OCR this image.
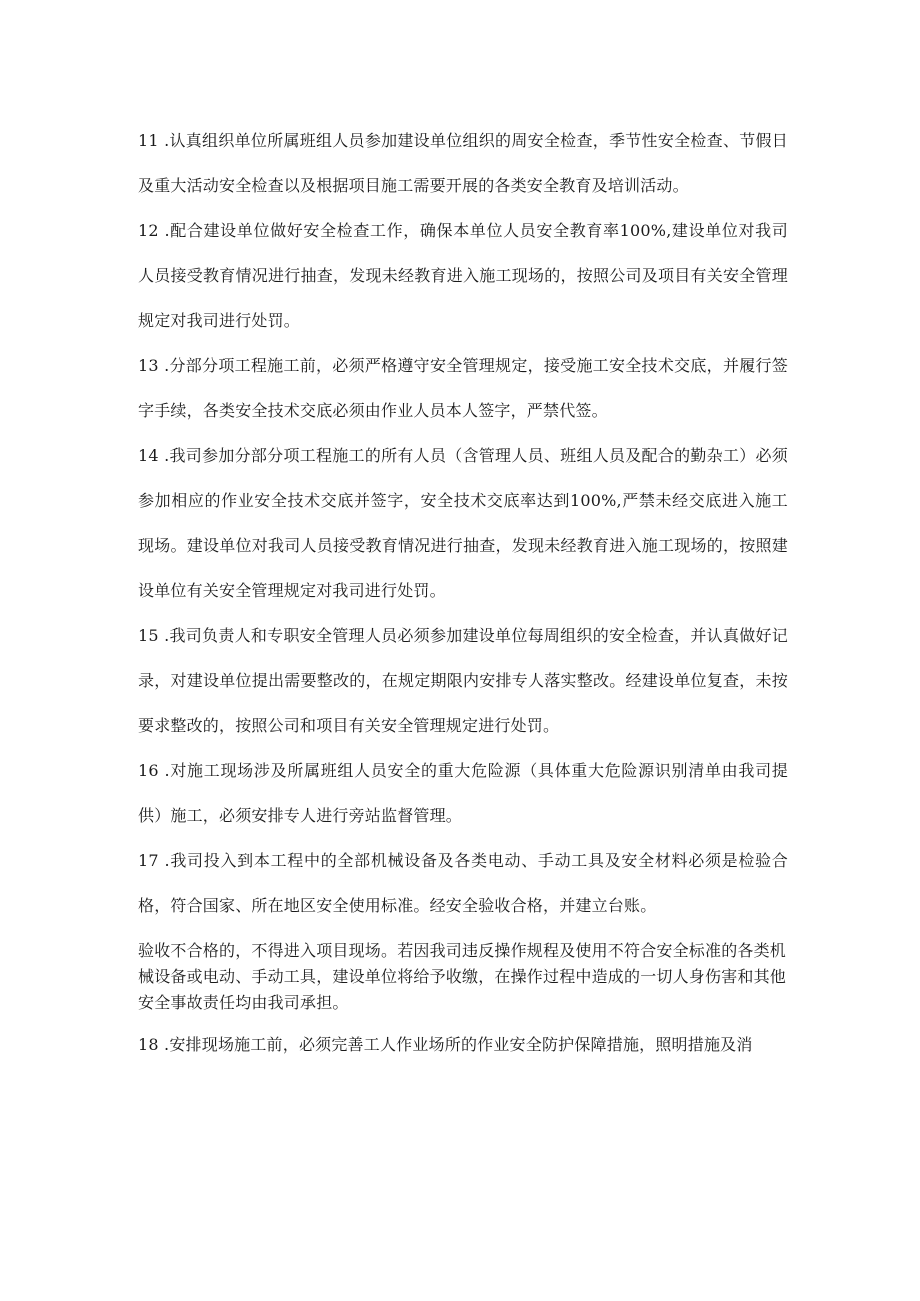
11 .认真组织单位所属班组人员参加建设单位组织的周安全检查，季节性安全检查、节假日及重大活动安全检查以及根据项目施工需要开展的各类安全教育及培训活动。

12 .配合建设单位做好安全检查工作，确保本单位人员安全教育率100%,建设单位对我司人员接受教育情况进行抽查，发现未经教育进入施工现场的，按照公司及项目有关安全管理规定对我司进行处罚。

13 .分部分项工程施工前，必须严格遵守安全管理规定，接受施工安全技术交底，并履行签字手续，各类安全技术交底必须由作业人员本人签字，严禁代签。

14 .我司参加分部分项工程施工的所有人员（含管理人员、班组人员及配合的勤杂工）必须参加相应的作业安全技术交底并签字，安全技术交底率达到100%,严禁未经交底进入施工现场。建设单位对我司人员接受教育情况进行抽查，发现未经教育进入施工现场的，按照建设单位有关安全管理规定对我司进行处罚。

15 .我司负责人和专职安全管理人员必须参加建设单位每周组织的安全检查，并认真做好记录，对建设单位提出需要整改的，在规定期限内安排专人落实整改。经建设单位复查，未按要求整改的，按照公司和项目有关安全管理规定进行处罚。

16 .对施工现场涉及所属班组人员安全的重大危险源（具体重大危险源识别清单由我司提供）施工，必须安排专人进行旁站监督管理。

17 .我司投入到本工程中的全部机械设备及各类电动、手动工具及安全材料必须是检验合格，符合国家、所在地区安全使用标准。经安全验收合格，并建立台账。

验收不合格的，不得进入项目现场。若因我司违反操作规程及使用不符合安全标准的各类机械设备或电动、手动工具，建设单位将给予收缴，在操作过程中造成的一切人身伤害和其他安全事故责任均由我司承担。

18 .安排现场施工前，必须完善工人作业场所的作业安全防护保障措施，照明措施及消
